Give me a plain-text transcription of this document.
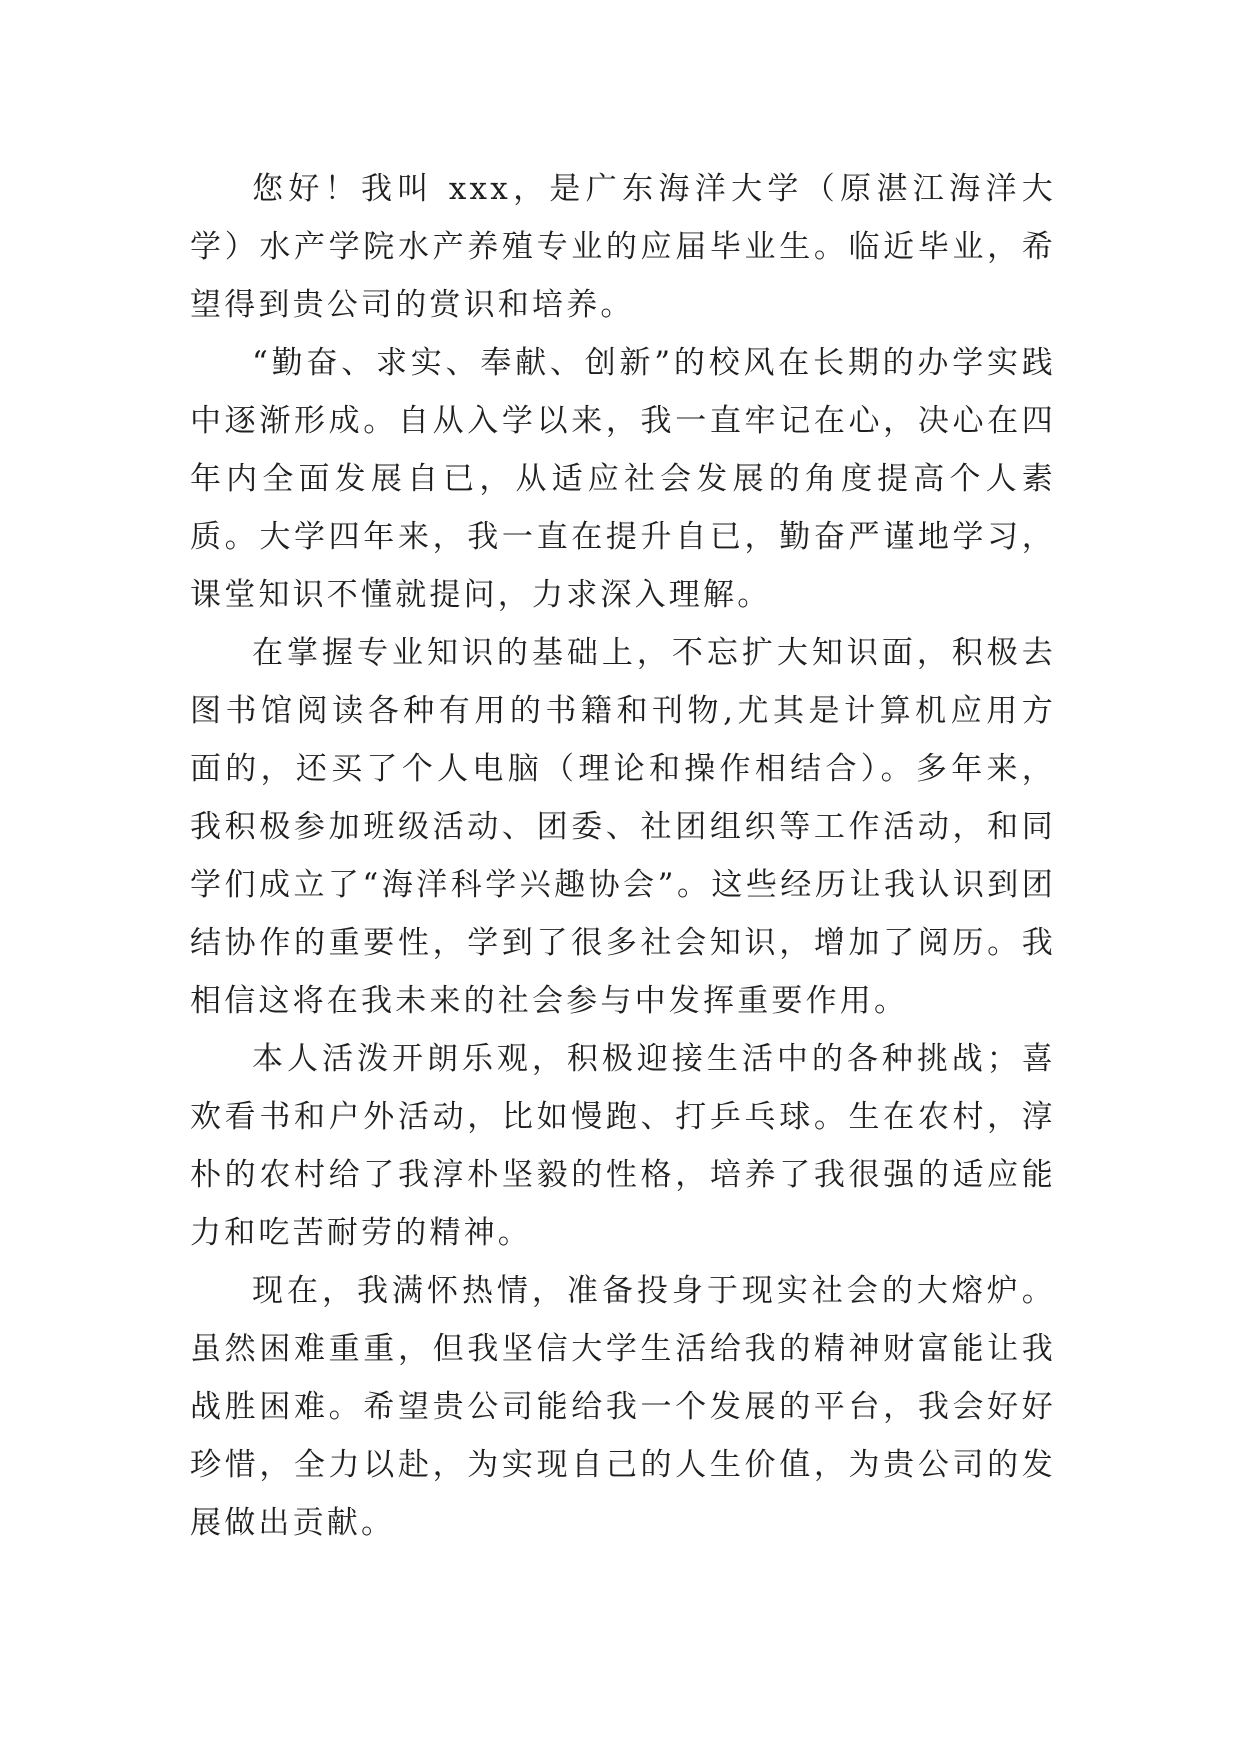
您好！我叫 xxx，是广东海洋大学（原湛江海洋大学）水产学院水产养殖专业的应届毕业生。临近毕业，希望得到贵公司的赏识和培养。

“勤奋、求实、奉献、创新”的校风在长期的办学实践中逐渐形成。自从入学以来，我一直牢记在心，决心在四年内全面发展自已，从适应社会发展的角度提高个人素质。大学四年来，我一直在提升自已，勤奋严谨地学习，课堂知识不懂就提问，力求深入理解。

在掌握专业知识的基础上，不忘扩大知识面，积极去图书馆阅读各种有用的书籍和刊物,尤其是计算机应用方面的，还买了个人电脑（理论和操作相结合）。多年来，我积极参加班级活动、团委、社团组织等工作活动，和同学们成立了“海洋科学兴趣协会”。这些经历让我认识到团结协作的重要性，学到了很多社会知识，增加了阅历。我相信这将在我未来的社会参与中发挥重要作用。

本人活泼开朗乐观，积极迎接生活中的各种挑战；喜欢看书和户外活动，比如慢跑、打乒乓球。生在农村，淳朴的农村给了我淳朴坚毅的性格，培养了我很强的适应能力和吃苦耐劳的精神。

现在，我满怀热情，准备投身于现实社会的大熔炉。虽然困难重重，但我坚信大学生活给我的精神财富能让我战胜困难。希望贵公司能给我一个发展的平台，我会好好珍惜，全力以赴，为实现自己的人生价值，为贵公司的发展做出贡献。
